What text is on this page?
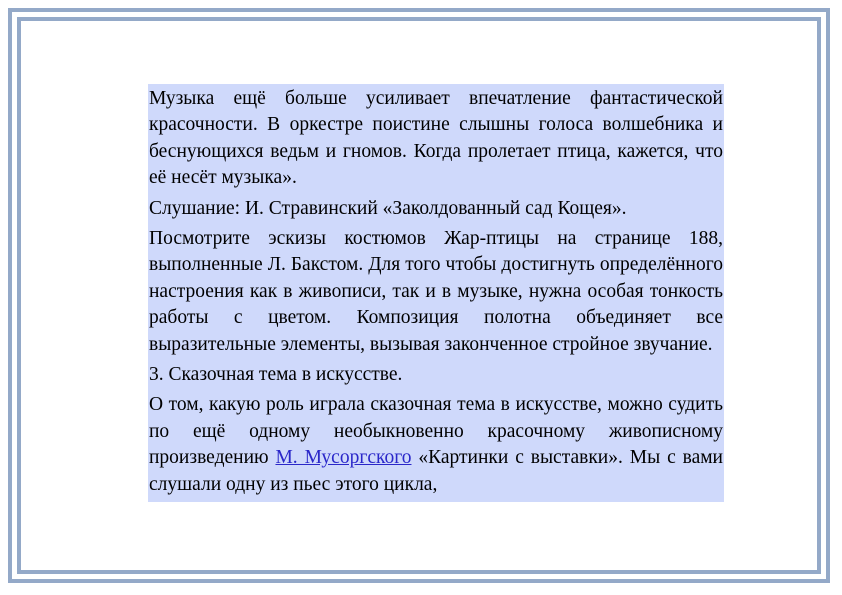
Музыка ещё больше усиливает впечатление фантастической красочности. В оркестре поистине слышны голоса волшебника и беснующихся ведьм и гномов. Когда пролетает птица, кажется, что её несёт музыка».

Слушание: И. Стравинский «Заколдованный сад Кощея».

Посмотрите эскизы костюмов Жар-птицы на странице 188, выполненные Л. Бакстом. Для того чтобы достигнуть определённого настроения как в живописи, так и в музыке, нужна особая тонкость работы с цветом. Композиция полотна объединяет все выразительные элементы, вызывая законченное стройное звучание.

3. Сказочная тема в искусстве.

О том, какую роль играла сказочная тема в искусстве, можно судить по ещё одному необыкновенно красочному живописному произведению М. Мусоргского «Картинки с выставки». Мы с вами слушали одну из пьес этого цикла,
